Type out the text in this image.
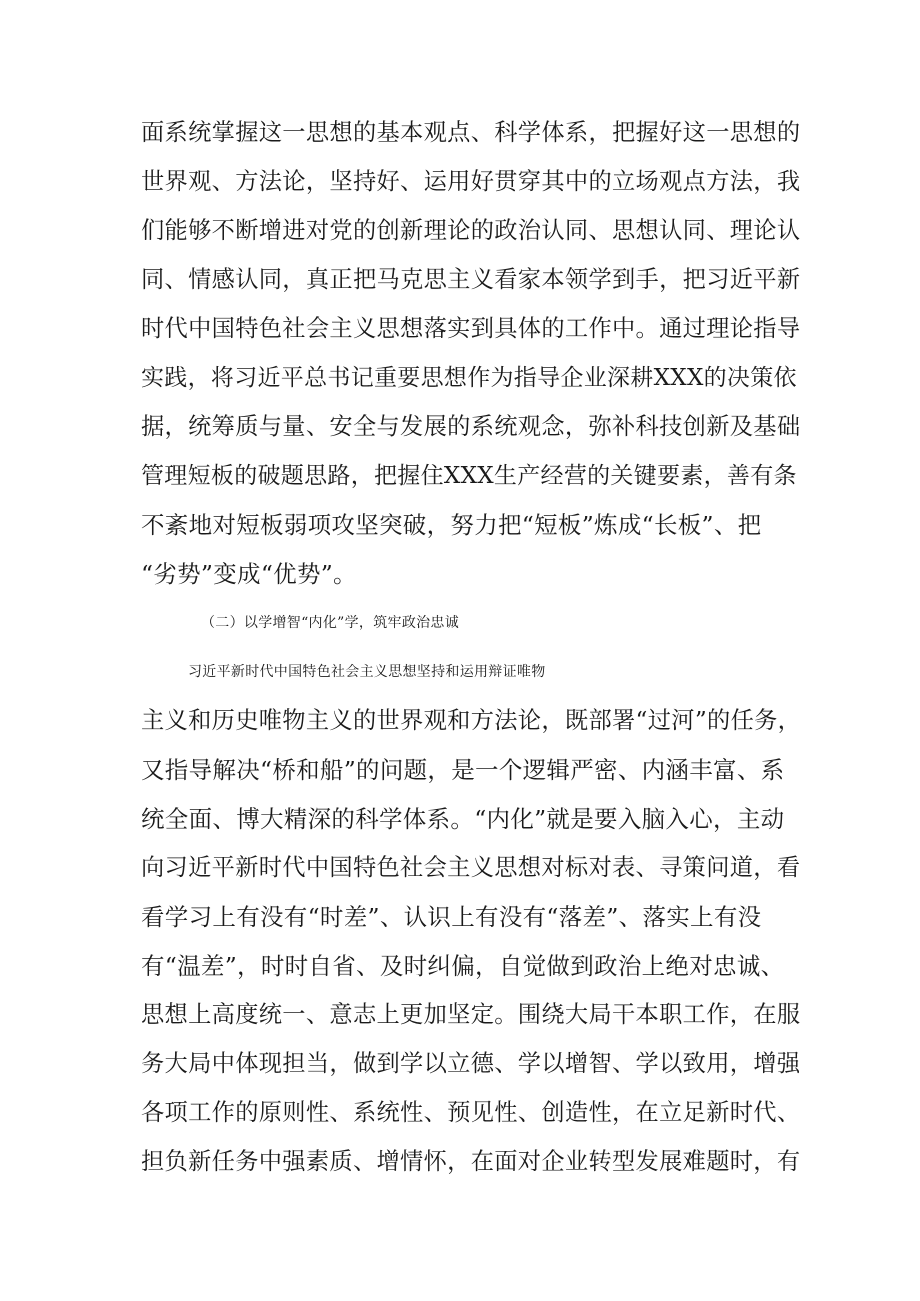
面系统掌握这一思想的基本观点、科学体系，把握好这一思想的
世界观、方法论，坚持好、运用好贯穿其中的立场观点方法，我
们能够不断增进对党的创新理论的政治认同、思想认同、理论认
同、情感认同，真正把马克思主义看家本领学到手，把习近平新
时代中国特色社会主义思想落实到具体的工作中。通过理论指导
实践，将习近平总书记重要思想作为指导企业深耕XXX的决策依
据，统筹质与量、安全与发展的系统观念，弥补科技创新及基础
管理短板的破题思路，把握住XXX生产经营的关键要素，善有条
不紊地对短板弱项攻坚突破，努力把“短板”炼成“长板”、把
“劣势”变成“优势”。
（二）以学增智“内化”学，筑牢政治忠诚
习近平新时代中国特色社会主义思想坚持和运用辩证唯物
主义和历史唯物主义的世界观和方法论，既部署“过河”的任务，
又指导解决“桥和船”的问题，是一个逻辑严密、内涵丰富、系
统全面、博大精深的科学体系。“内化”就是要入脑入心，主动
向习近平新时代中国特色社会主义思想对标对表、寻策问道，看
看学习上有没有“时差”、认识上有没有“落差”、落实上有没
有“温差”，时时自省、及时纠偏，自觉做到政治上绝对忠诚、
思想上高度统一、意志上更加坚定。围绕大局干本职工作，在服
务大局中体现担当，做到学以立德、学以增智、学以致用，增强
各项工作的原则性、系统性、预见性、创造性，在立足新时代、
担负新任务中强素质、增情怀，在面对企业转型发展难题时，有
